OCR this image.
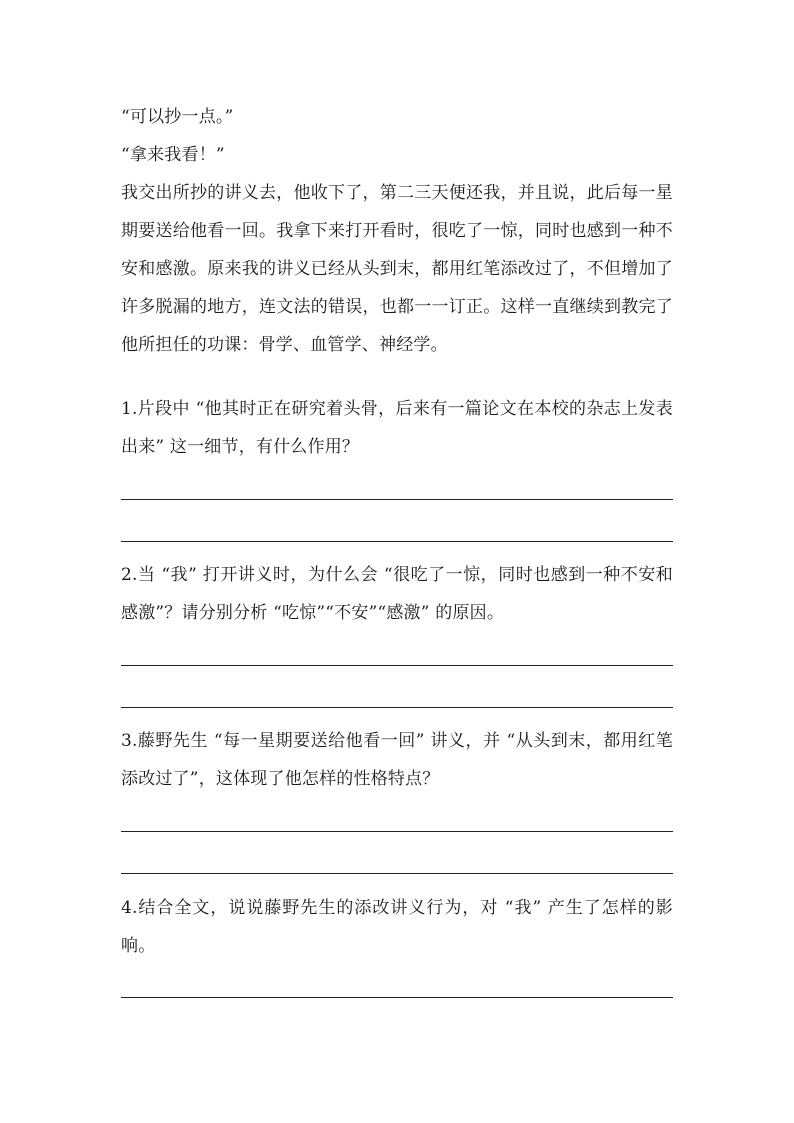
“可以抄一点。”
“拿来我看！”
我交出所抄的讲义去，他收下了，第二三天便还我，并且说，此后每一星期要送给他看一回。我拿下来打开看时，很吃了一惊，同时也感到一种不安和感激。原来我的讲义已经从头到末，都用红笔添改过了，不但增加了许多脱漏的地方，连文法的错误，也都一一订正。这样一直继续到教完了他所担任的功课：骨学、血管学、神经学。
1.片段中 “他其时正在研究着头骨，后来有一篇论文在本校的杂志上发表出来” 这一细节，有什么作用？
2.当 “我” 打开讲义时，为什么会 “很吃了一惊，同时也感到一种不安和感激”？请分别分析 “吃惊”“不安”“感激” 的原因。
3.藤野先生 “每一星期要送给他看一回” 讲义，并 “从头到末，都用红笔添改过了”，这体现了他怎样的性格特点？
4.结合全文，说说藤野先生的添改讲义行为，对 “我” 产生了怎样的影响。
